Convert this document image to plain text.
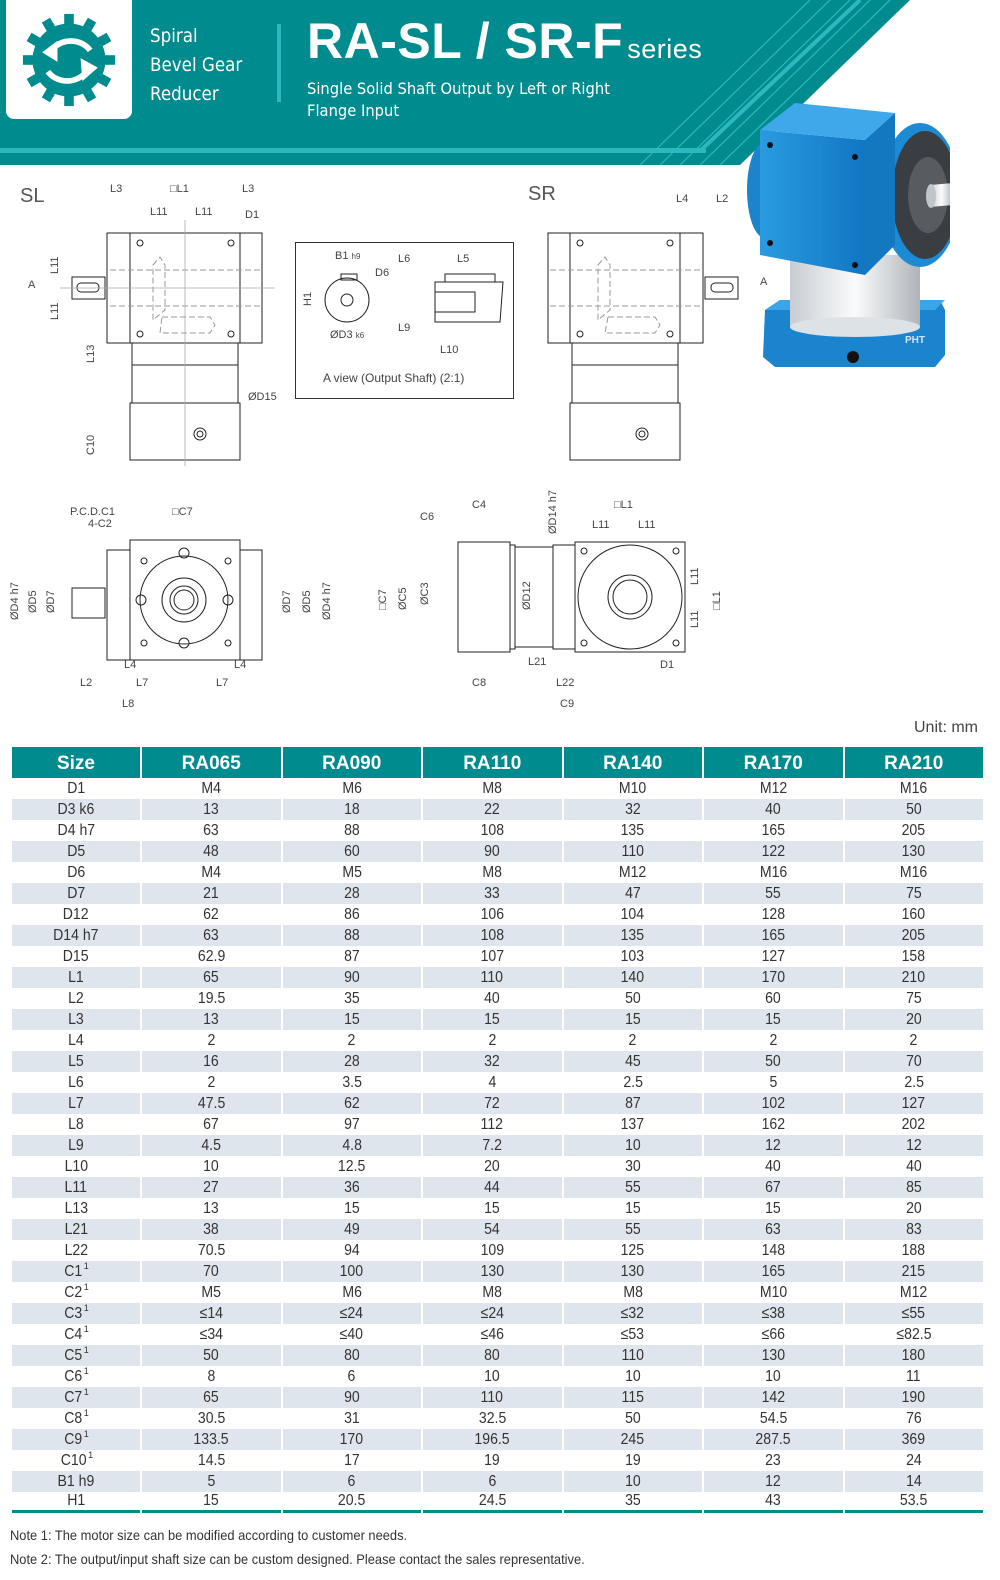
Spiral
Bevel Gear
Reducer
RA-SL / SR-F series
Single Solid Shaft Output by Left or Right
Flange Input
PHT
SL	L3	□L1	L3
L11 L11	D1
A
L13
ØD15
C10
L11
L11
B1 h9
D6
H1
ØD3 k6
L6	L5
L9
L10
A view (Output Shaft) (2:1)
SR	L4	L2
A
P.C.D.C1
4-C2
□C7
ØD4 h7 ØD5 ØD7	ØD7 ØD5 ØD4 h7
L4	L4
L2	L7	L7
L8
C4
C6	ØD14 h7	□L1
L11	L11
□C7 ØC5 ØC3	ØD12
L11
L11
□L1
D1
L21
C8	L22
C9
Unit: mm
Size	RA065	RA090	RA110	RA140	RA170	RA210
D1	M4	M6	M8	M10	M12	M16
D3 k6	13	18	22	32	40	50
D4 h7	63	88	108	135	165	205
D5	48	60	90	110	122	130
D6	M4	M5	M8	M12	M16	M16
D7	21	28	33	47	55	75
D12	62	86	106	104	128	160
D14 h7	63	88	108	135	165	205
D15	62.9	87	107	103	127	158
L1	65	90	110	140	170	210
L2	19.5	35	40	50	60	75
L3	13	15	15	15	15	20
L4	2	2	2	2	2	2
L5	16	28	32	45	50	70
L6	2	3.5	4	2.5	5	2.5
L7	47.5	62	72	87	102	127
L8	67	97	112	137	162	202
L9	4.5	4.8	7.2	10	12	12
L10	10	12.5	20	30	40	40
L11	27	36	44	55	67	85
L13	13	15	15	15	15	20
L21	38	49	54	55	63	83
L22	70.5	94	109	125	148	188
$C1^1$	70	100	130	130	165	215
$C2^1$	M5	M6	M8	M8	M10	M12
$C3^1$	≤14	≤24	≤24	≤32	≤38	≤55
$C4^1$	≤34	≤40	≤46	≤53	≤66	≤82.5
$C5^1$	50	80	80	110	130	180
$C6^1$	8	6	10	10	10	11
$C7^1$	65	90	110	115	142	190
$C8^1$	30.5	31	32.5	50	54.5	76
$C9^1$	133.5	170	196.5	245	287.5	369
C10 $^1$	14.5	17	19	19	23	24
B1 h9	5	6	6	10	12	14
H1	15	20.5	24.5	35	43	53.5
Note 1: The motor size can be modified according to customer needs.
Note 2: The output/input shaft size can be custom designed. Please contact the sales representative.
